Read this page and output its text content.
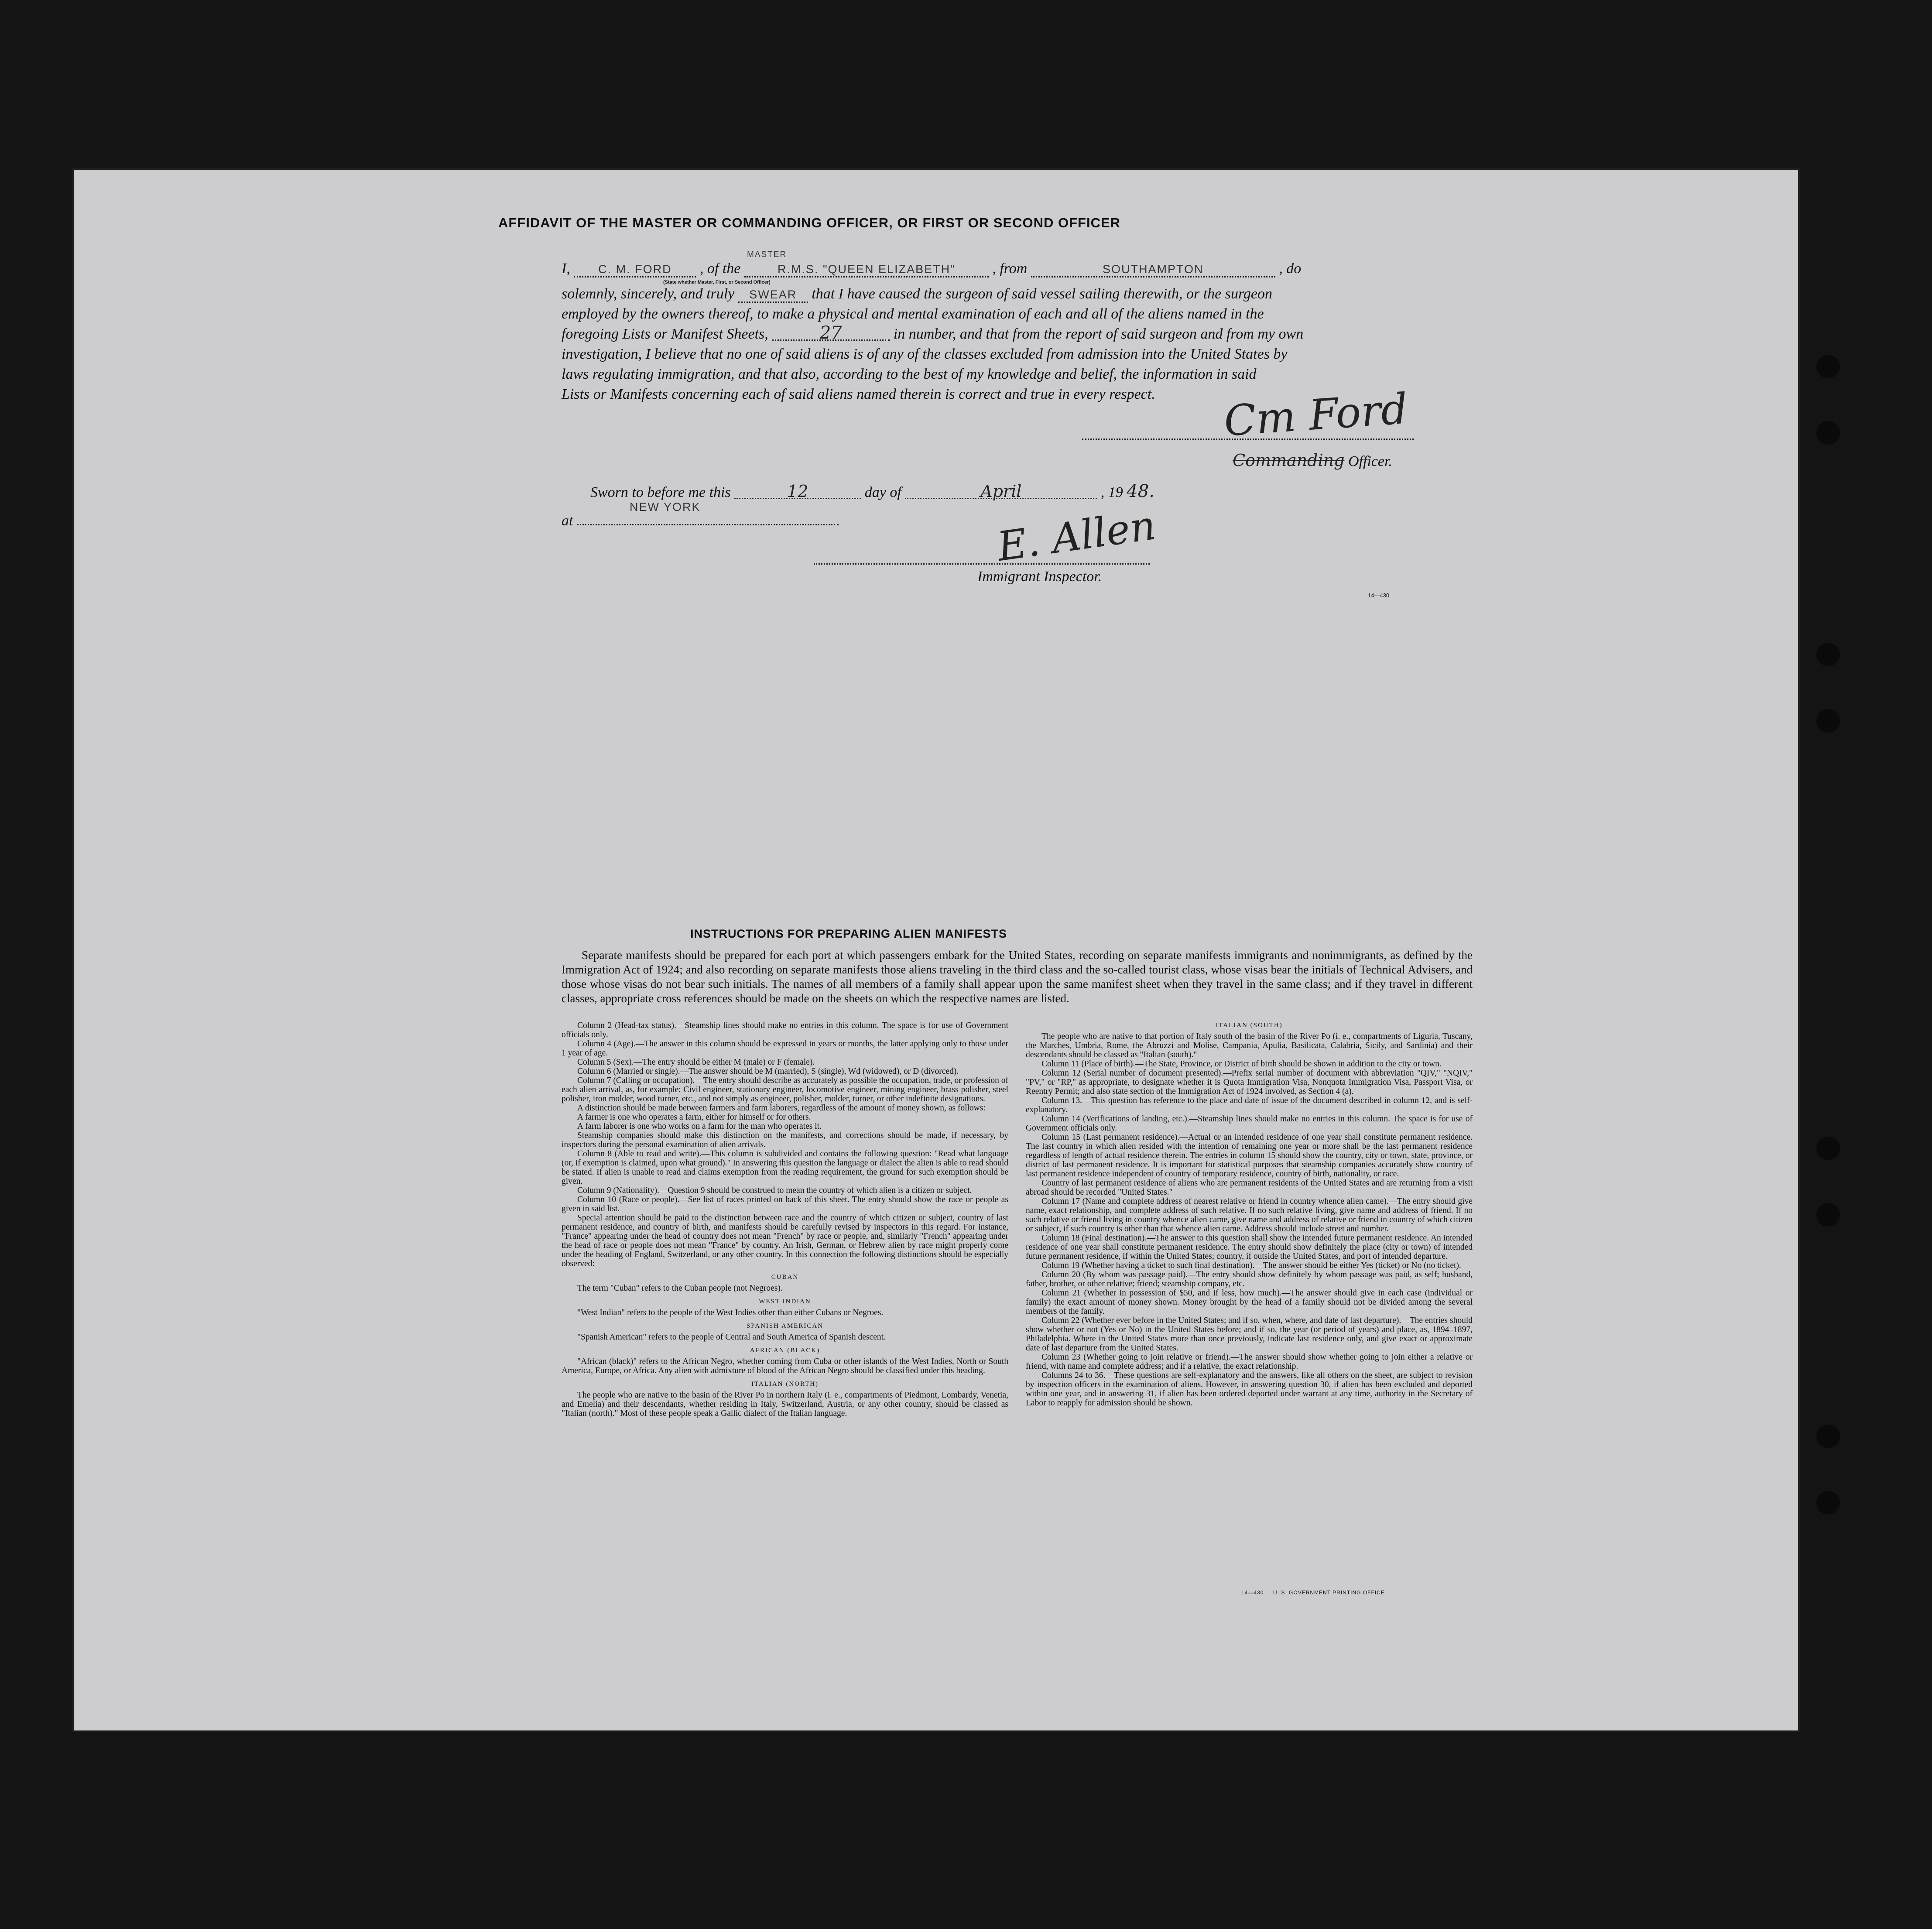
AFFIDAVIT OF THE MASTER OR COMMANDING OFFICER, OR FIRST OR SECOND OFFICER
I, C. M. FORD
MASTER
, of the	R.M.S. "QUEEN ELIZABETH" , from	SOUTHAMPTON	, do
(State whether Master, First, or Second Officer)
solemnly, sincerely, and truly SWEAR that I have caused the surgeon of said vessel sailing therewith, or the surgeon
employed by the owners thereof, to make a physical and mental examination of each and all of the aliens named in the
foregoing Lists or Manifest Sheets,	27	in number, and that from the report of said surgeon and from my own
investigation, I believe that no one of said aliens is of any of the classes excluded from admission into the United States by
laws regulating immigration, and that also, according to the best of my knowledge and belief, the information in said
Lists or Manifests concerning each of said aliens named therein is correct and true in every respect. Cm Ford
Commanding Officer.
Sworn to before me this	12	day of	April	, 19 48.
NEW YORK
at	E. Allen
Immigrant Inspector.
14—430
INSTRUCTIONS FOR PREPARING ALIEN MANIFESTS
Separate manifests should be prepared for each port at which passengers embark for the United States, recording on separate manifests immigrants and nonimmigrants, as defined by the Immigration Act of 1924; and also recording on separate manifests those aliens traveling in the third class and the so-called tourist class, whose visas bear the initials of Technical Advisers, and those whose visas do not bear such initials. The names of all members of a family shall appear upon the same manifest sheet when they travel in the same class; and if they travel in different classes, appropriate cross references should be made on the sheets on which the respective names are listed.

Column 2 (Head-tax status).—Steamship lines should make no entries in this column. The space is for use of Government officials only.

Column 4 (Age).—The answer in this column should be expressed in years or months, the latter applying only to those under 1 year of age.

Column 5 (Sex).—The entry should be either M (male) or F (female).

Column 6 (Married or single).—The answer should be M (married), S (single), Wd (widowed), or D (divorced).

Column 7 (Calling or occupation).—The entry should describe as accurately as possible the occupation, trade, or profession of each alien arrival, as, for example: Civil engineer, stationary engineer, locomotive engineer, mining engineer, brass polisher, steel polisher, iron molder, wood turner, etc., and not simply as engineer, polisher, molder, turner, or other indefinite designations.

A distinction should be made between farmers and farm laborers, regardless of the amount of money shown, as follows:

A farmer is one who operates a farm, either for himself or for others.

A farm laborer is one who works on a farm for the man who operates it.

Steamship companies should make this distinction on the manifests, and corrections should be made, if necessary, by inspectors during the personal examination of alien arrivals.

Column 8 (Able to read and write).—This column is subdivided and contains the following question: "Read what language (or, if exemption is claimed, upon what ground)." In answering this question the language or dialect the alien is able to read should be stated. If alien is unable to read and claims exemption from the reading requirement, the ground for such exemption should be given.

Column 9 (Nationality).—Question 9 should be construed to mean the country of which alien is a citizen or subject.

Column 10 (Race or people).—See list of races printed on back of this sheet. The entry should show the race or people as given in said list.

Special attention should be paid to the distinction between race and the country of which citizen or subject, country of last permanent residence, and country of birth, and manifests should be carefully revised by inspectors in this regard. For instance, "France" appearing under the head of country does not mean "French" by race or people, and, similarly "French" appearing under the head of race or people does not mean "France" by country. An Irish, German, or Hebrew alien by race might properly come under the heading of England, Switzerland, or any other country. In this connection the following distinctions should be especially observed:

CUBAN

The term "Cuban" refers to the Cuban people (not Negroes).

WEST INDIAN

"West Indian" refers to the people of the West Indies other than either Cubans or Negroes.

SPANISH AMERICAN

"Spanish American" refers to the people of Central and South America of Spanish descent.

AFRICAN (BLACK)

"African (black)" refers to the African Negro, whether coming from Cuba or other islands of the West Indies, North or South America, Europe, or Africa. Any alien with admixture of blood of the African Negro should be classified under this heading.

ITALIAN (NORTH)

The people who are native to the basin of the River Po in northern Italy (i. e., compartments of Piedmont, Lombardy, Venetia, and Emelia) and their descendants, whether residing in Italy, Switzerland, Austria, or any other country, should be classed as "Italian (north)." Most of these people speak a Gallic dialect of the Italian language.

ITALIAN (SOUTH)

The people who are native to that portion of Italy south of the basin of the River Po (i. e., compartments of Liguria, Tuscany, the Marches, Umbria, Rome, the Abruzzi and Molise, Campania, Apulia, Basilicata, Calabria, Sicily, and Sardinia) and their descendants should be classed as "Italian (south)."

Column 11 (Place of birth).—The State, Province, or District of birth should be shown in addition to the city or town.

Column 12 (Serial number of document presented).—Prefix serial number of document with abbreviation "QIV," "NQIV," "PV," or "RP," as appropriate, to designate whether it is Quota Immigration Visa, Nonquota Immigration Visa, Passport Visa, or Reentry Permit; and also state section of the Immigration Act of 1924 involved, as Section 4 (a).

Column 13.—This question has reference to the place and date of issue of the document described in column 12, and is self-explanatory.

Column 14 (Verifications of landing, etc.).—Steamship lines should make no entries in this column. The space is for use of Government officials only.

Column 15 (Last permanent residence).—Actual or an intended residence of one year shall constitute permanent residence. The last country in which alien resided with the intention of remaining one year or more shall be the last permanent residence regardless of length of actual residence therein. The entries in column 15 should show the country, city or town, state, province, or district of last permanent residence. It is important for statistical purposes that steamship companies accurately show country of last permanent residence independent of country of temporary residence, country of birth, nationality, or race.

Country of last permanent residence of aliens who are permanent residents of the United States and are returning from a visit abroad should be recorded "United States."

Column 17 (Name and complete address of nearest relative or friend in country whence alien came).—The entry should give name, exact relationship, and complete address of such relative. If no such relative living, give name and address of friend. If no such relative or friend living in country whence alien came, give name and address of relative or friend in country of which citizen or subject, if such country is other than that whence alien came. Address should include street and number.

Column 18 (Final destination).—The answer to this question shall show the intended future permanent residence. An intended residence of one year shall constitute permanent residence. The entry should show definitely the place (city or town) of intended future permanent residence, if within the United States; country, if outside the United States, and port of intended departure.

Column 19 (Whether having a ticket to such final destination).—The answer should be either Yes (ticket) or No (no ticket).

Column 20 (By whom was passage paid).—The entry should show definitely by whom passage was paid, as self; husband, father, brother, or other relative; friend; steamship company, etc.

Column 21 (Whether in possession of $50, and if less, how much).—The answer should give in each case (individual or family) the exact amount of money shown. Money brought by the head of a family should not be divided among the several members of the family.

Column 22 (Whether ever before in the United States; and if so, when, where, and date of last departure).—The entries should show whether or not (Yes or No) in the United States before; and if so, the year (or period of years) and place, as, 1894–1897, Philadelphia. Where in the United States more than once previously, indicate last residence only, and give exact or approximate date of last departure from the United States.

Column 23 (Whether going to join relative or friend).—The answer should show whether going to join either a relative or friend, with name and complete address; and if a relative, the exact relationship.

Columns 24 to 36.—These questions are self-explanatory and the answers, like all others on the sheet, are subject to revision by inspection officers in the examination of aliens. However, in answering question 30, if alien has been excluded and deported within one year, and in answering 31, if alien has been ordered deported under warrant at any time, authority in the Secretary of Labor to reapply for admission should be shown.

14—430     U. S. GOVERNMENT PRINTING OFFICE
